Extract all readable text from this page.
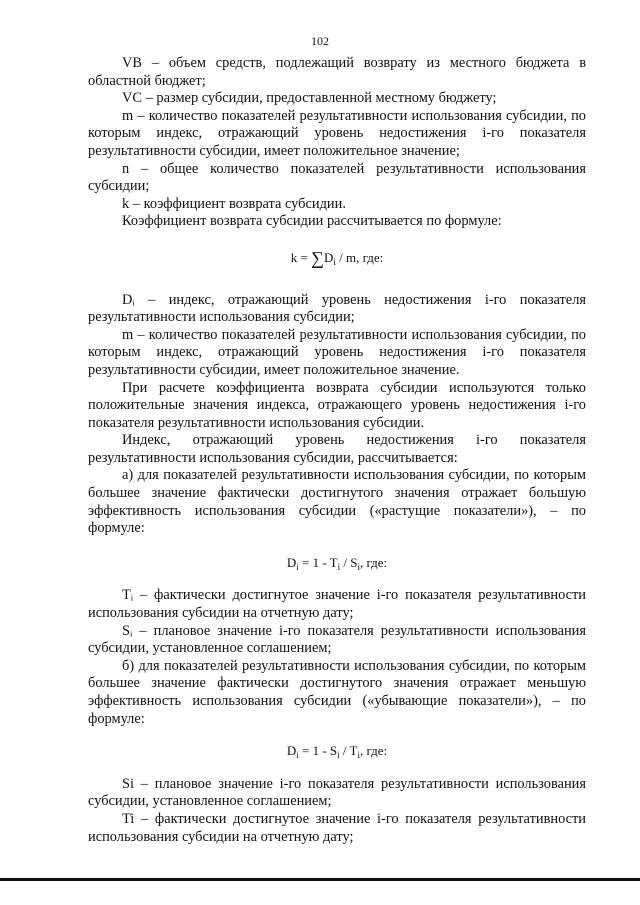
102

VВ – объем средств, подлежащий возврату из местного бюджета в областной бюджет;

VС – размер субсидии, предоставленной местному бюджету;

m – количество показателей результативности использования субсидии, по которым индекс, отражающий уровень недостижения i-го показателя результативности субсидии, имеет положительное значение;

n – общее количество показателей результативности использования субсидии;

k – коэффициент возврата субсидии.

Коэффициент возврата субсидии рассчитывается по формуле:

$k = \sum D_i / m$, где:

Dᵢ – индекс, отражающий уровень недостижения i-го показателя результативности использования субсидии;

m – количество показателей результативности использования субсидии, по которым индекс, отражающий уровень недостижения i-го показателя результативности субсидии, имеет положительное значение.

При расчете коэффициента возврата субсидии используются только положительные значения индекса, отражающего уровень недостижения i-го показателя результативности использования субсидии.

Индекс, отражающий уровень недостижения i-го показателя результативности использования субсидии, рассчитывается:

а) для показателей результативности использования субсидии, по которым большее значение фактически достигнутого значения отражает большую эффективность использования субсидии («растущие показатели»), – по формуле:

$D_i = 1 - T_i / S_i$, где:

Tᵢ – фактически достигнутое значение i-го показателя результативности использования субсидии на отчетную дату;

Sᵢ – плановое значение i-го показателя результативности использования субсидии, установленное соглашением;

б) для показателей результативности использования субсидии, по которым большее значение фактически достигнутого значения отражает меньшую эффективность использования субсидии («убывающие показатели»), – по формуле:

$D_i = 1 - S_i / T_i$, где:

Si – плановое значение i-го показателя результативности использования субсидии, установленное соглашением;

Ti – фактически достигнутое значение i-го показателя результативности использования субсидии на отчетную дату;
